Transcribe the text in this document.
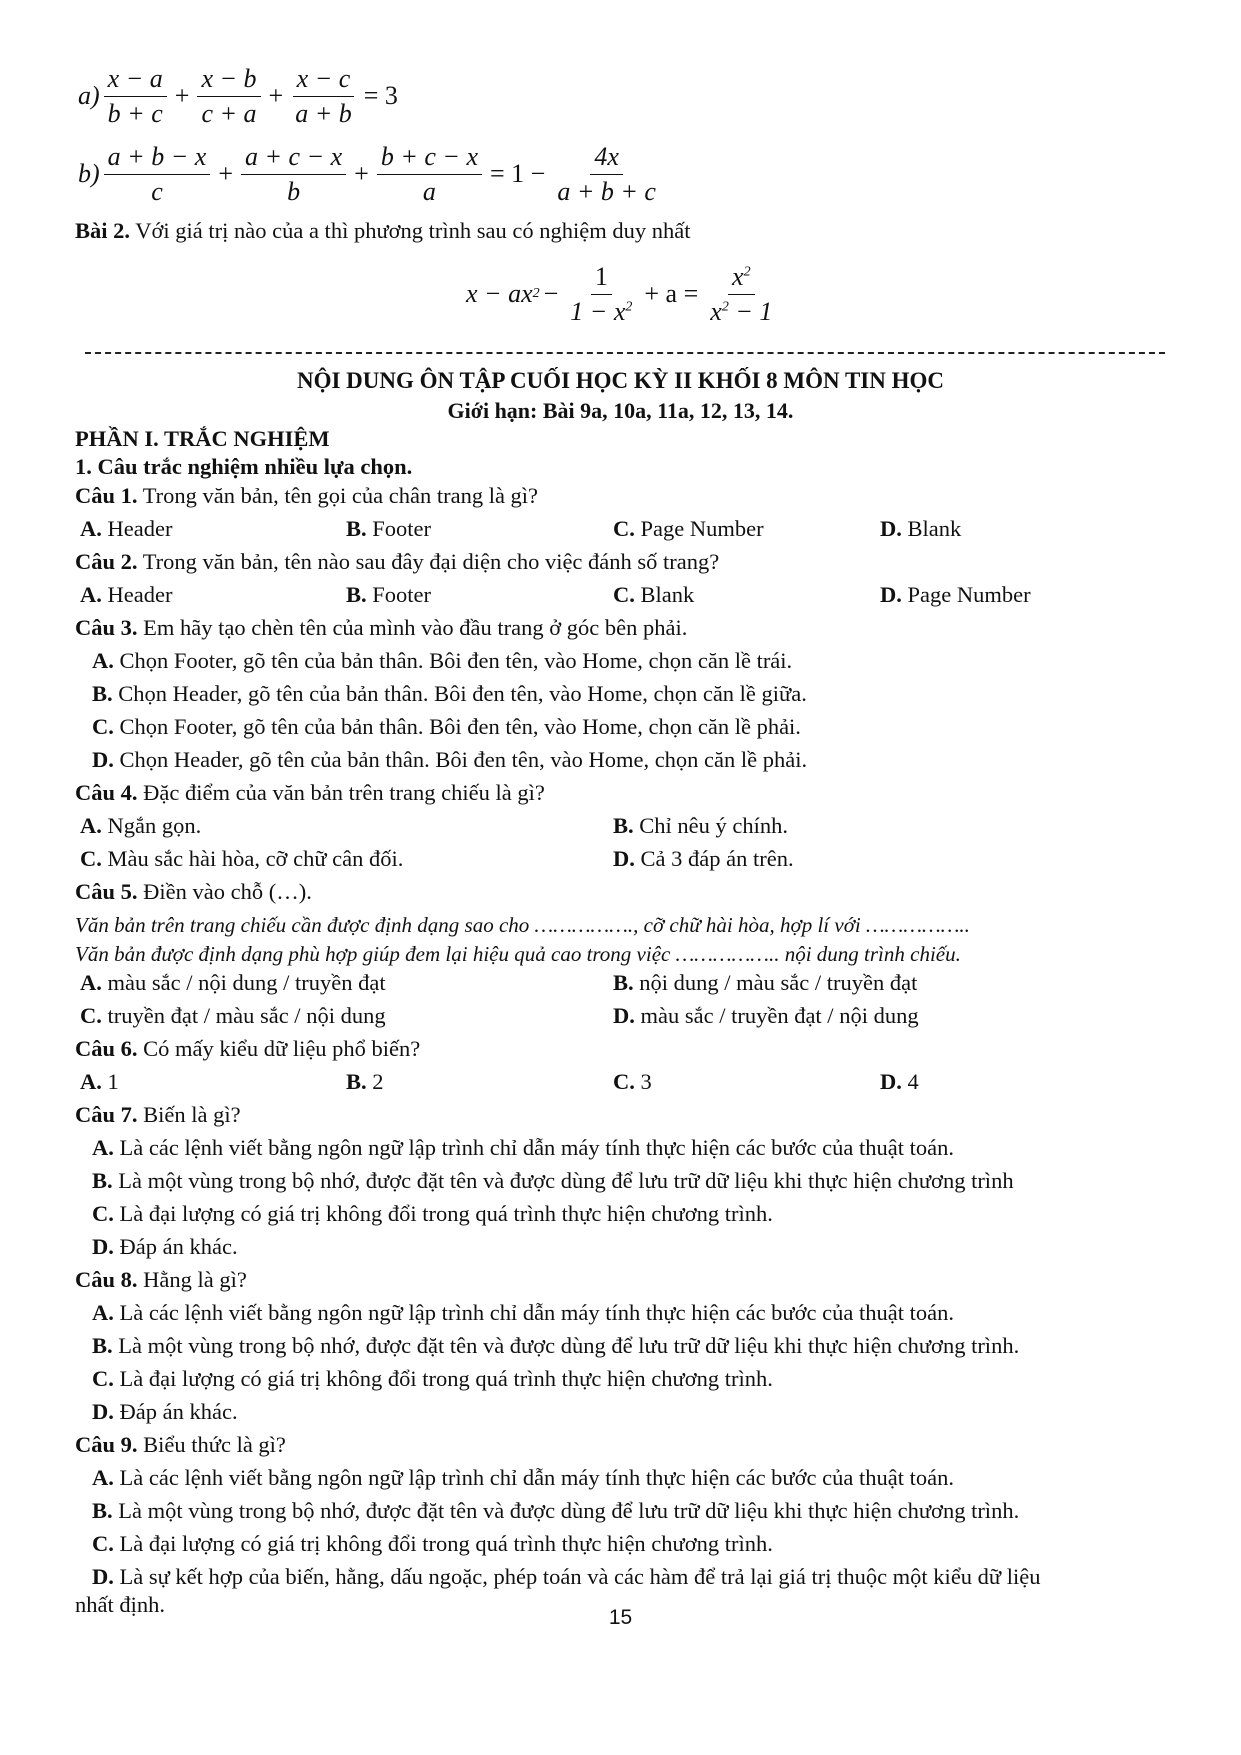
$a) \frac{x - a}{b + c} + \frac{x - b}{c + a} + \frac{x - c}{a + b} = 3$
$b) \frac{a + b - x}{c} + \frac{a + c - x}{b} + \frac{b + c - x}{a} = 1 - \frac{4x}{a + b + c}$
Bài 2. Với giá trị nào của a thì phương trình sau có nghiệm duy nhất
x − ax $2 - \frac{1}{1 - x^2} + a = \frac{x^2}{x^2 - 1}$
NỘI DUNG ÔN TẬP CUỐI HỌC KỲ II KHỐI 8 MÔN TIN HỌC
Giới hạn: Bài 9a, 10a, 11a, 12, 13, 14.
PHẦN I. TRẮC NGHIỆM
1. Câu trắc nghiệm nhiều lựa chọn.
Câu 1. Trong văn bản, tên gọi của chân trang là gì?
A. Header	B. Footer	C. Page Number	D. Blank
Câu 2. Trong văn bản, tên nào sau đây đại diện cho việc đánh số trang?
A. Header	B. Footer	C. Blank	D. Page Number
Câu 3. Em hãy tạo chèn tên của mình vào đầu trang ở góc bên phải.
A. Chọn Footer, gõ tên của bản thân. Bôi đen tên, vào Home, chọn căn lề trái.
B. Chọn Header, gõ tên của bản thân. Bôi đen tên, vào Home, chọn căn lề giữa.
C. Chọn Footer, gõ tên của bản thân. Bôi đen tên, vào Home, chọn căn lề phải.
D. Chọn Header, gõ tên của bản thân. Bôi đen tên, vào Home, chọn căn lề phải.
Câu 4. Đặc điểm của văn bản trên trang chiếu là gì?
A. Ngắn gọn.	B. Chỉ nêu ý chính.
C. Màu sắc hài hòa, cỡ chữ cân đối.	D. Cả 3 đáp án trên.
Câu 5. Điền vào chỗ (…).
Văn bản trên trang chiếu cần được định dạng sao cho ……………., cỡ chữ hài hòa, hợp lí với ……………..
Văn bản được định dạng phù hợp giúp đem lại hiệu quả cao trong việc …………….. nội dung trình chiếu.
A. màu sắc / nội dung / truyền đạt	B. nội dung / màu sắc / truyền đạt
C. truyền đạt / màu sắc / nội dung	D. màu sắc / truyền đạt / nội dung
Câu 6. Có mấy kiểu dữ liệu phổ biến?
A. 1	B. 2	C. 3	D. 4
Câu 7. Biến là gì?
A. Là các lệnh viết bằng ngôn ngữ lập trình chỉ dẫn máy tính thực hiện các bước của thuật toán.
B. Là một vùng trong bộ nhớ, được đặt tên và được dùng để lưu trữ dữ liệu khi thực hiện chương trình
C. Là đại lượng có giá trị không đổi trong quá trình thực hiện chương trình.
D. Đáp án khác.
Câu 8. Hằng là gì?
A. Là các lệnh viết bằng ngôn ngữ lập trình chỉ dẫn máy tính thực hiện các bước của thuật toán.
B. Là một vùng trong bộ nhớ, được đặt tên và được dùng để lưu trữ dữ liệu khi thực hiện chương trình.
C. Là đại lượng có giá trị không đổi trong quá trình thực hiện chương trình.
D. Đáp án khác.
Câu 9. Biểu thức là gì?
A. Là các lệnh viết bằng ngôn ngữ lập trình chỉ dẫn máy tính thực hiện các bước của thuật toán.
B. Là một vùng trong bộ nhớ, được đặt tên và được dùng để lưu trữ dữ liệu khi thực hiện chương trình.
C. Là đại lượng có giá trị không đổi trong quá trình thực hiện chương trình.
D. Là sự kết hợp của biến, hằng, dấu ngoặc, phép toán và các hàm để trả lại giá trị thuộc một kiểu dữ liệu
nhất định.
15
